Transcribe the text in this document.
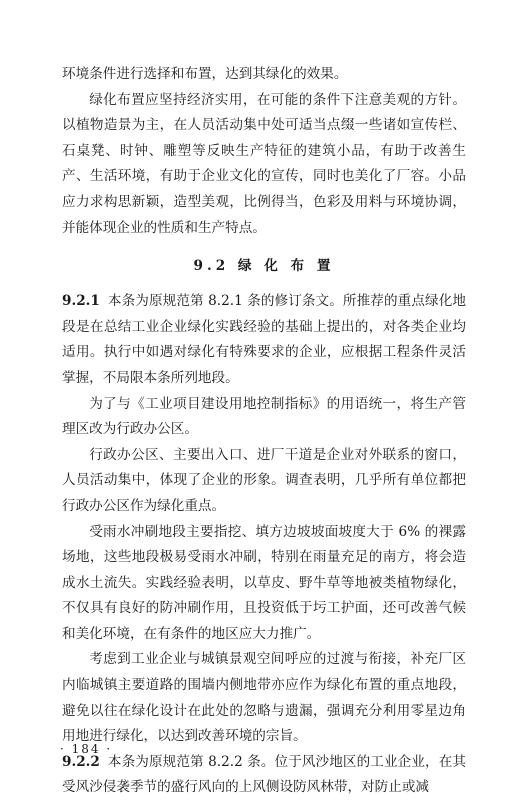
环境条件进行选择和布置，达到其绿化的效果。

绿化布置应坚持经济实用，在可能的条件下注意美观的方针。以植物造景为主，在人员活动集中处可适当点缀一些诸如宣传栏、石桌凳、时钟、雕塑等反映生产特征的建筑小品，有助于改善生产、生活环境，有助于企业文化的宣传，同时也美化了厂容。小品应力求构思新颖，造型美观，比例得当，色彩及用料与环境协调，并能体现企业的性质和生产特点。

9.2 绿 化 布 置

9.2.1 本条为原规范第 8.2.1 条的修订条文。所推荐的重点绿化地段是在总结工业企业绿化实践经验的基础上提出的，对各类企业均适用。执行中如遇对绿化有特殊要求的企业，应根据工程条件灵活掌握，不局限本条所列地段。

为了与《工业项目建设用地控制指标》的用语统一，将生产管理区改为行政办公区。

行政办公区、主要出入口、进厂干道是企业对外联系的窗口，人员活动集中，体现了企业的形象。调查表明，几乎所有单位都把行政办公区作为绿化重点。

受雨水冲刷地段主要指挖、填方边坡坡面坡度大于 6% 的裸露场地，这些地段极易受雨水冲刷，特别在雨量充足的南方，将会造成水土流失。实践经验表明，以草皮、野牛草等地被类植物绿化，不仅具有良好的防冲刷作用，且投资低于圬工护面，还可改善气候和美化环境，在有条件的地区应大力推广。

考虑到工业企业与城镇景观空间呼应的过渡与衔接，补充厂区内临城镇主要道路的围墙内侧地带亦应作为绿化布置的重点地段，避免以往在绿化设计在此处的忽略与遗漏，强调充分利用零星边角用地进行绿化，以达到改善环境的宗旨。

9.2.2 本条为原规范第 8.2.2 条。位于风沙地区的工业企业，在其受风沙侵袭季节的盛行风向的上风侧设防风林带，对防止或减

· 184 ·
